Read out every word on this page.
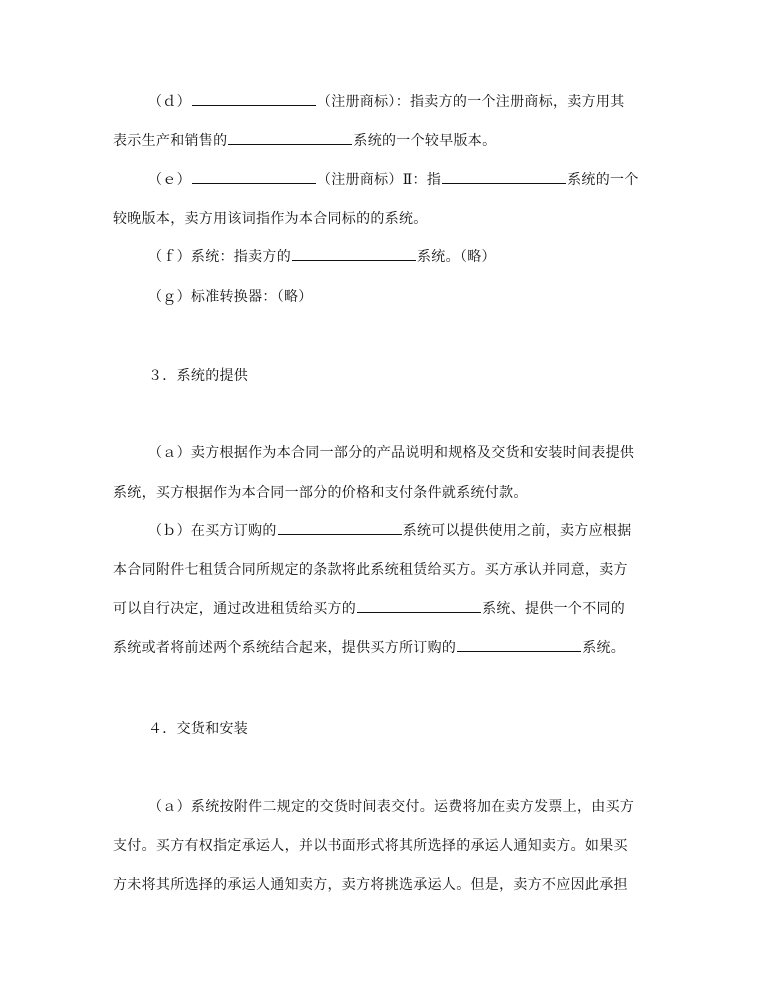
（ｄ）	（注册商标）：指卖方的一个注册商标，卖方用其
表示生产和销售的	系统的一个较早版本。
（ｅ）	（注册商标）Ⅱ：指	系统的一个
较晚版本，卖方用该词指作为本合同标的的系统。
（ｆ）系统：指卖方的	系统。（略）
（ｇ）标准转换器：（略）
３．系统的提供
（ａ）卖方根据作为本合同一部分的产品说明和规格及交货和安装时间表提供
系统，买方根据作为本合同一部分的价格和支付条件就系统付款。
（ｂ）在买方订购的	系统可以提供使用之前，卖方应根据
本合同附件七租赁合同所规定的条款将此系统租赁给买方。买方承认并同意，卖方
可以自行决定，通过改进租赁给买方的	系统、提供一个不同的
系统或者将前述两个系统结合起来，提供买方所订购的	系统。
４．交货和安装
（ａ）系统按附件二规定的交货时间表交付。运费将加在卖方发票上，由买方
支付。买方有权指定承运人，并以书面形式将其所选择的承运人通知卖方。如果买
方未将其所选择的承运人通知卖方，卖方将挑选承运人。但是，卖方不应因此承担
